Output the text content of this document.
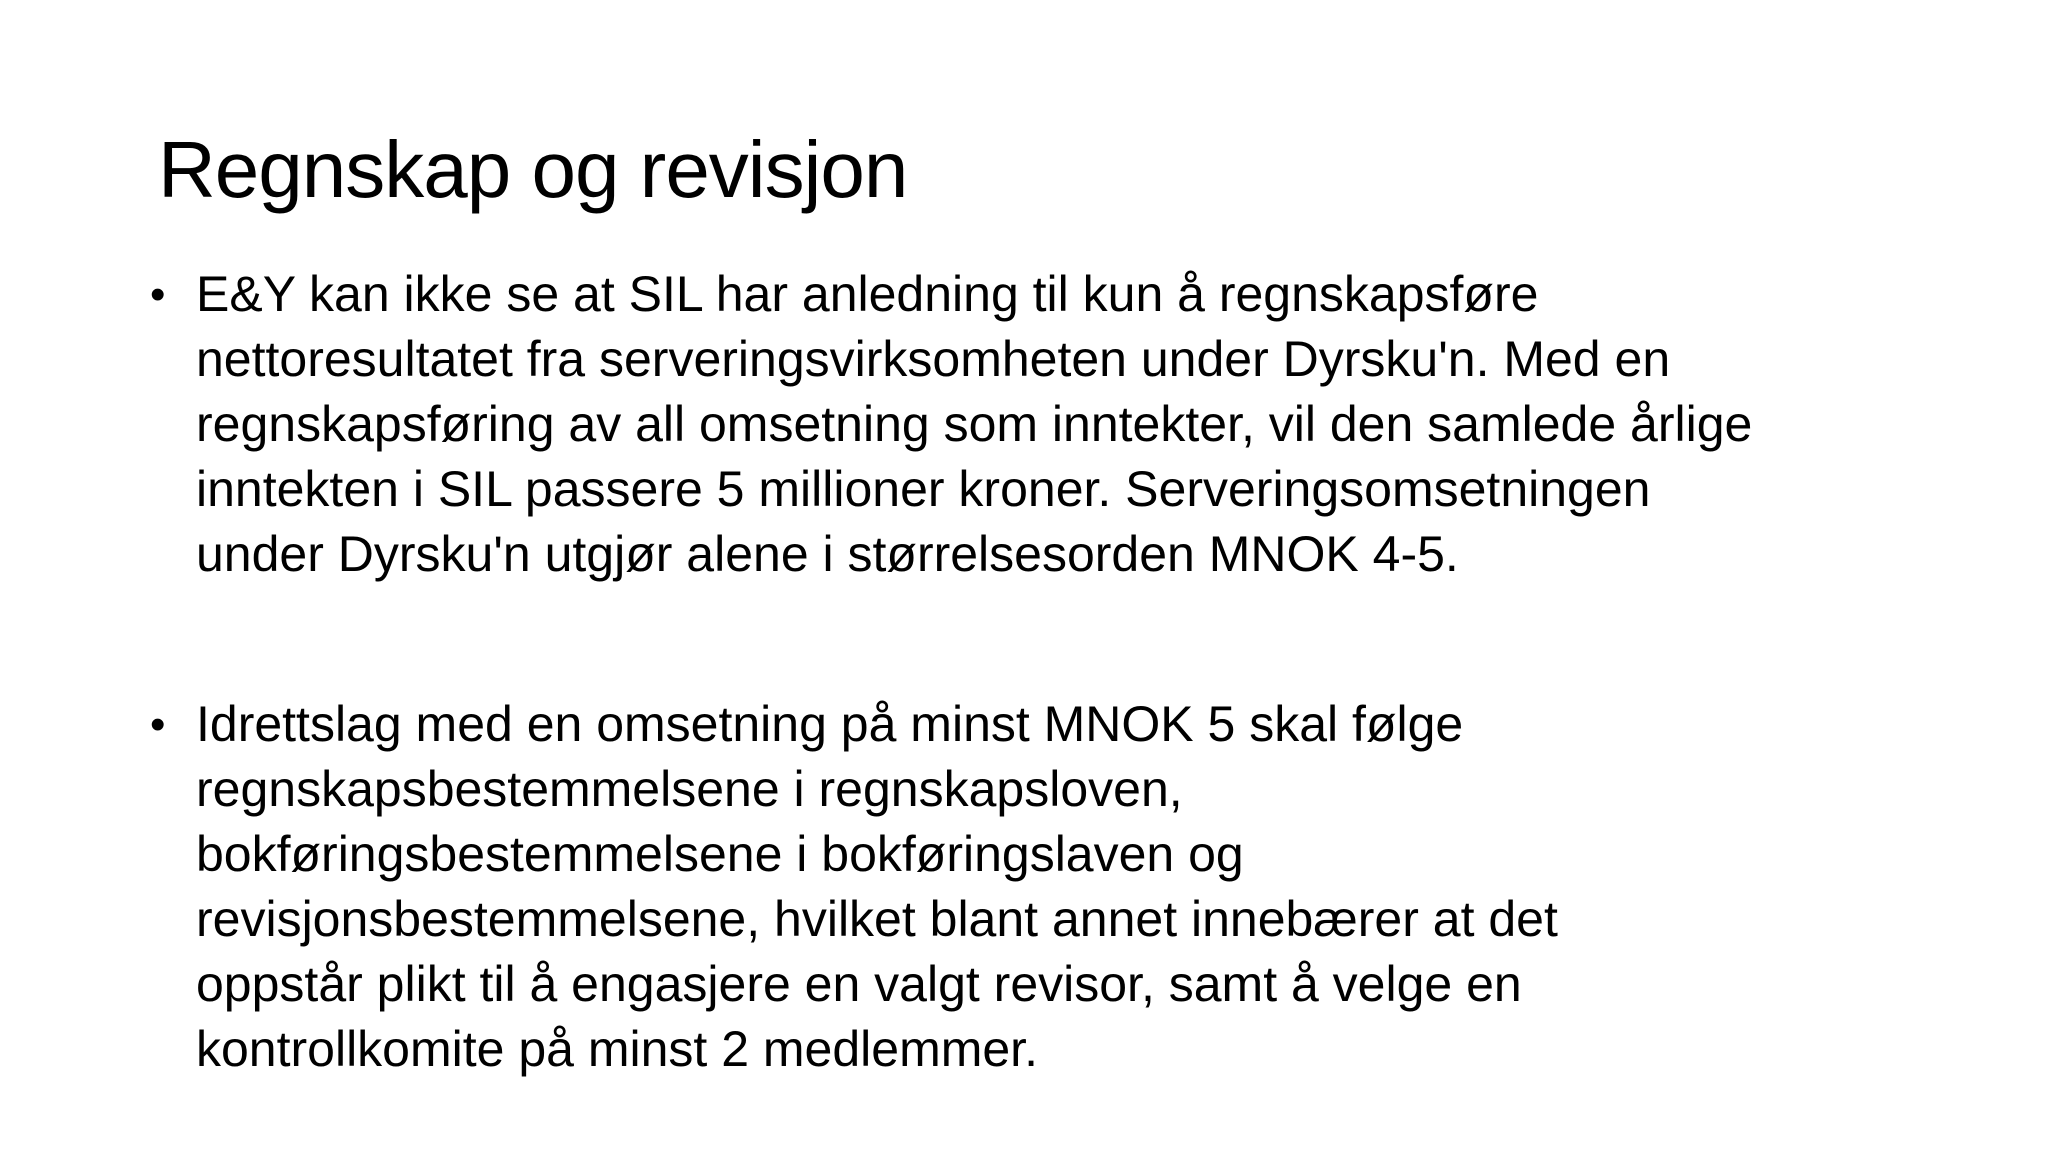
Regnskap og revisjon
• E&Y kan ikke se at SIL har anledning til kun å regnskapsføre
nettoresultatet fra serveringsvirksomheten under Dyrsku'n. Med en
regnskapsføring av all omsetning som inntekter, vil den samlede årlige
inntekten i SIL passere 5 millioner kroner. Serveringsomsetningen
under Dyrsku'n utgjør alene i størrelsesorden MNOK 4-5.
• Idrettslag med en omsetning på minst MNOK 5 skal følge
regnskapsbestemmelsene i regnskapsloven,
bokføringsbestemmelsene i bokføringslaven og
revisjonsbestemmelsene, hvilket blant annet innebærer at det
oppstår plikt til å engasjere en valgt revisor, samt å velge en
kontrollkomite på minst 2 medlemmer.
